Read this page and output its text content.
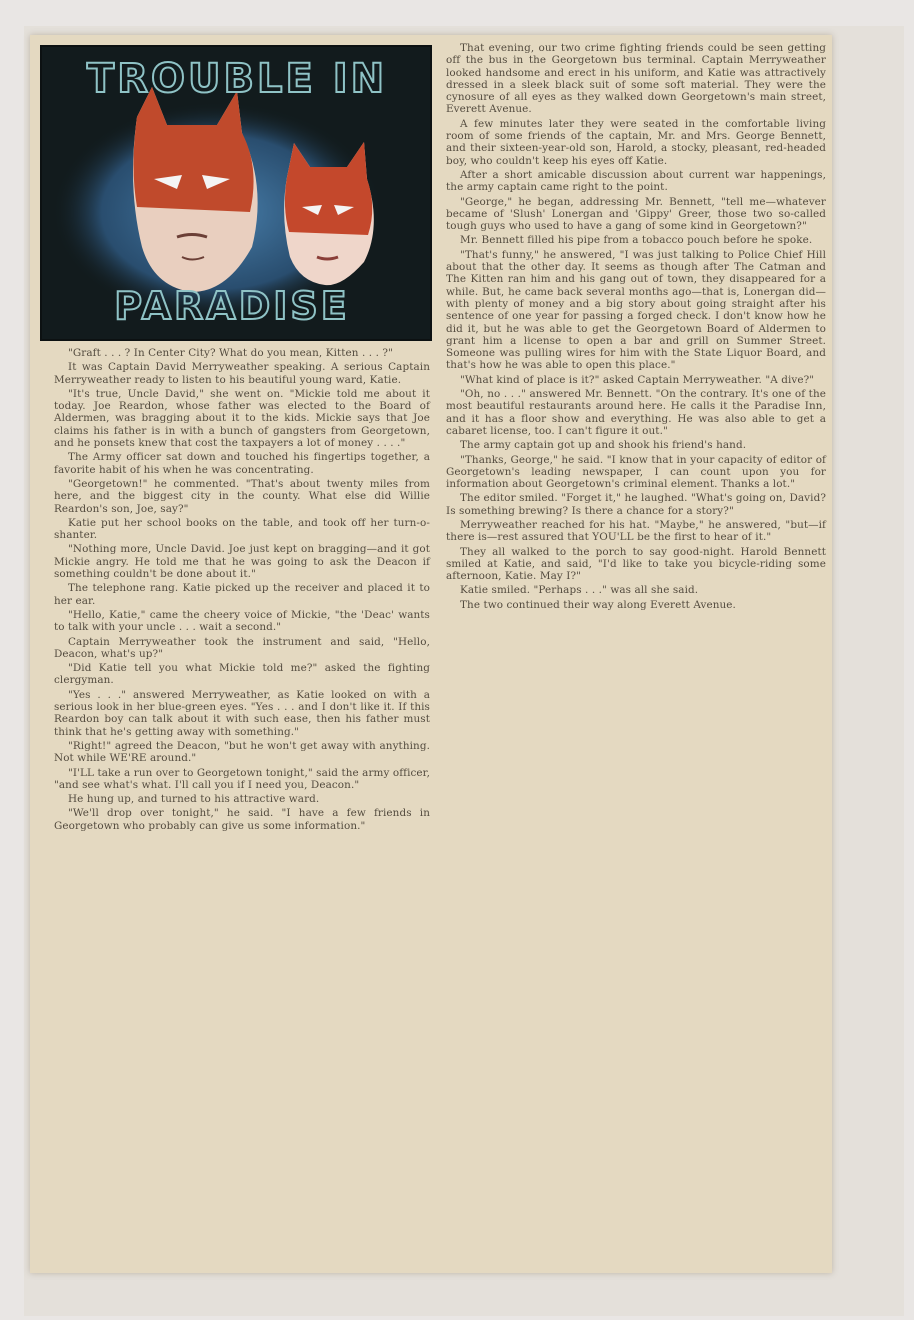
TROUBLE IN
PARADISE

"Graft . . . ? In Center City? What do you mean, Kitten . . . ?"

It was Captain David Merryweather speaking. A serious Captain Merryweather ready to listen to his beautiful young ward, Katie.

"It's true, Uncle David," she went on. "Mickie told me about it today. Joe Reardon, whose father was elected to the Board of Aldermen, was bragging about it to the kids. Mickie says that Joe claims his father is in with a bunch of gangsters from Georgetown, and he ponsets knew that cost the taxpayers a lot of money . . . ."

The Army officer sat down and touched his fingertips together, a favorite habit of his when he was concentrating.

"Georgetown!" he commented. "That's about twenty miles from here, and the biggest city in the county. What else did Willie Reardon's son, Joe, say?"

Katie put her school books on the table, and took off her turn-o-shanter.

"Nothing more, Uncle David. Joe just kept on bragging—and it got Mickie angry. He told me that he was going to ask the Deacon if something couldn't be done about it."

The telephone rang. Katie picked up the receiver and placed it to her ear.

"Hello, Katie," came the cheery voice of Mickie, "the 'Deac' wants to talk with your uncle . . . wait a second."

Captain Merryweather took the instrument and said, "Hello, Deacon, what's up?"

"Did Katie tell you what Mickie told me?" asked the fighting clergyman.

"Yes . . ." answered Merryweather, as Katie looked on with a serious look in her blue-green eyes. "Yes . . . and I don't like it. If this Reardon boy can talk about it with such ease, then his father must think that he's getting away with something."

"Right!" agreed the Deacon, "but he won't get away with anything. Not while WE'RE around."

"I'LL take a run over to Georgetown tonight," said the army officer, "and see what's what. I'll call you if I need you, Deacon."

He hung up, and turned to his attractive ward.

"We'll drop over tonight," he said. "I have a few friends in Georgetown who probably can give us some information."

That evening, our two crime fighting friends could be seen getting off the bus in the Georgetown bus terminal. Captain Merryweather looked handsome and erect in his uniform, and Katie was attractively dressed in a sleek black suit of some soft material. They were the cynosure of all eyes as they walked down Georgetown's main street, Everett Avenue.

A few minutes later they were seated in the comfortable living room of some friends of the captain, Mr. and Mrs. George Bennett, and their sixteen-year-old son, Harold, a stocky, pleasant, red-headed boy, who couldn't keep his eyes off Katie.

After a short amicable discussion about current war happenings, the army captain came right to the point.

"George," he began, addressing Mr. Bennett, "tell me—whatever became of 'Slush' Lonergan and 'Gippy' Greer, those two so-called tough guys who used to have a gang of some kind in Georgetown?"

Mr. Bennett filled his pipe from a tobacco pouch before he spoke.

"That's funny," he answered, "I was just talking to Police Chief Hill about that the other day. It seems as though after The Catman and The Kitten ran him and his gang out of town, they disappeared for a while. But, he came back several months ago—that is, Lonergan did—with plenty of money and a big story about going straight after his sentence of one year for passing a forged check. I don't know how he did it, but he was able to get the Georgetown Board of Aldermen to grant him a license to open a bar and grill on Summer Street. Someone was pulling wires for him with the State Liquor Board, and that's how he was able to open this place."

"What kind of place is it?" asked Captain Merryweather. "A dive?"

"Oh, no . . ." answered Mr. Bennett. "On the contrary. It's one of the most beautiful restaurants around here. He calls it the Paradise Inn, and it has a floor show and everything. He was also able to get a cabaret license, too. I can't figure it out."

The army captain got up and shook his friend's hand.

"Thanks, George," he said. "I know that in your capacity of editor of Georgetown's leading newspaper, I can count upon you for information about Georgetown's criminal element. Thanks a lot."

The editor smiled. "Forget it," he laughed. "What's going on, David? Is something brewing? Is there a chance for a story?"

Merryweather reached for his hat. "Maybe," he answered, "but—if there is—rest assured that YOU'LL be the first to hear of it."

They all walked to the porch to say good-night. Harold Bennett smiled at Katie, and said, "I'd like to take you bicycle-riding some afternoon, Katie. May I?"

Katie smiled. "Perhaps . . ." was all she said.

The two continued their way along Everett Avenue.
